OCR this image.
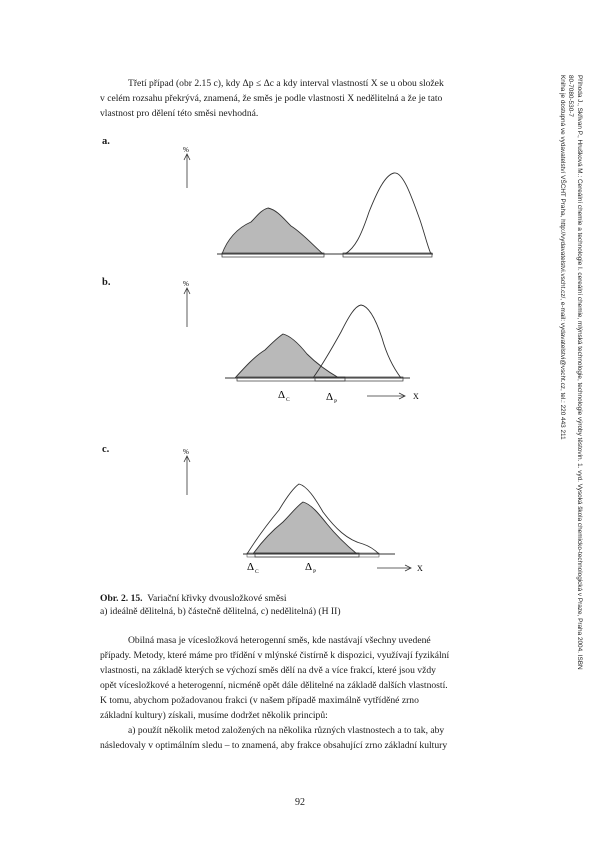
Třetí případ (obr 2.15 c), kdy Δp ≤ Δc a kdy interval vlastností X se u obou složek
v celém rozsahu překrývá, znamená, že směs je podle vlastnosti X nedělitelná a že je tato
vlastnost pro dělení této směsi nevhodná.

a.
%
b.	%
Δ C	Δ P
X
c.	%
Δ C	Δ P	X
Obr. 2. 15. Variační křivky dvousložkové směsi
a) ideálně dělitelná, b) částečně dělitelná, c) nedělitelná) (H II)

Obilná masa je vícesložková heterogenní směs, kde nastávají všechny uvedené
případy. Metody, které máme pro třídění v mlýnské čistírně k dispozici, využívají fyzikální
vlastnosti, na základě kterých se výchozí směs dělí na dvě a více frakcí, které jsou vždy
opět vícesložkové a heterogenní, nicméně opět dále dělitelné na základě dalších vlastností.
K tomu, abychom požadovanou frakci (v našem případě maximálně vytříděné zrno
základní kultury) získali, musíme dodržet několik principů:

a) použít několik metod založených na několika různých vlastnostech a to tak, aby
následovaly v optimálním sledu – to znamená, aby frakce obsahující zrno základní kultury

92
Příhoda J., Skřivan P., Hrušková M.: Cereální chemie a technologie I. cereální chemie, mlýnská technologie, technologie výroby těstovin. 1. vyd. Vysoká škola chemicko-technologická v Praze, Praha 2004. ISBN
80-7080-530-7
Kniha je dostupná ve vydavatelství VŠCHT Praha, http://vydavatelstvi.vscht.cz/, e-mail: vydavatelstvi@vscht.cz, tel.: 220 443 211
